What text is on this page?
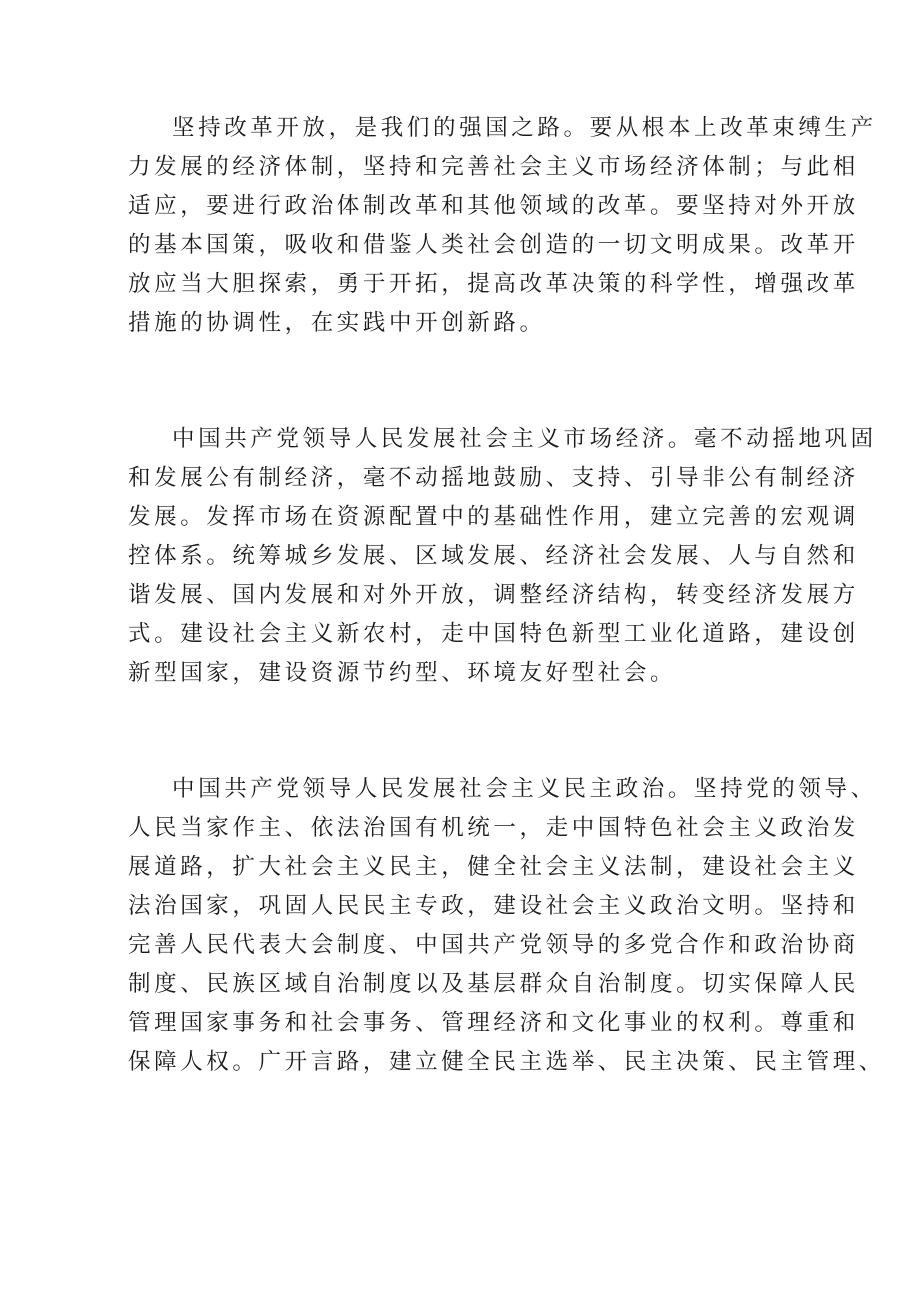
坚持改革开放，是我们的强国之路。要从根本上改革束缚生产
力发展的经济体制，坚持和完善社会主义市场经济体制；与此相
适应，要进行政治体制改革和其他领域的改革。要坚持对外开放
的基本国策，吸收和借鉴人类社会创造的一切文明成果。改革开
放应当大胆探索，勇于开拓，提高改革决策的科学性，增强改革
措施的协调性，在实践中开创新路。

中国共产党领导人民发展社会主义市场经济。毫不动摇地巩固
和发展公有制经济，毫不动摇地鼓励、支持、引导非公有制经济
发展。发挥市场在资源配置中的基础性作用，建立完善的宏观调
控体系。统筹城乡发展、区域发展、经济社会发展、人与自然和
谐发展、国内发展和对外开放，调整经济结构，转变经济发展方
式。建设社会主义新农村，走中国特色新型工业化道路，建设创
新型国家，建设资源节约型、环境友好型社会。

中国共产党领导人民发展社会主义民主政治。坚持党的领导、
人民当家作主、依法治国有机统一，走中国特色社会主义政治发
展道路，扩大社会主义民主，健全社会主义法制，建设社会主义
法治国家，巩固人民民主专政，建设社会主义政治文明。坚持和
完善人民代表大会制度、中国共产党领导的多党合作和政治协商
制度、民族区域自治制度以及基层群众自治制度。切实保障人民
管理国家事务和社会事务、管理经济和文化事业的权利。尊重和
保障人权。广开言路，建立健全民主选举、民主决策、民主管理、
